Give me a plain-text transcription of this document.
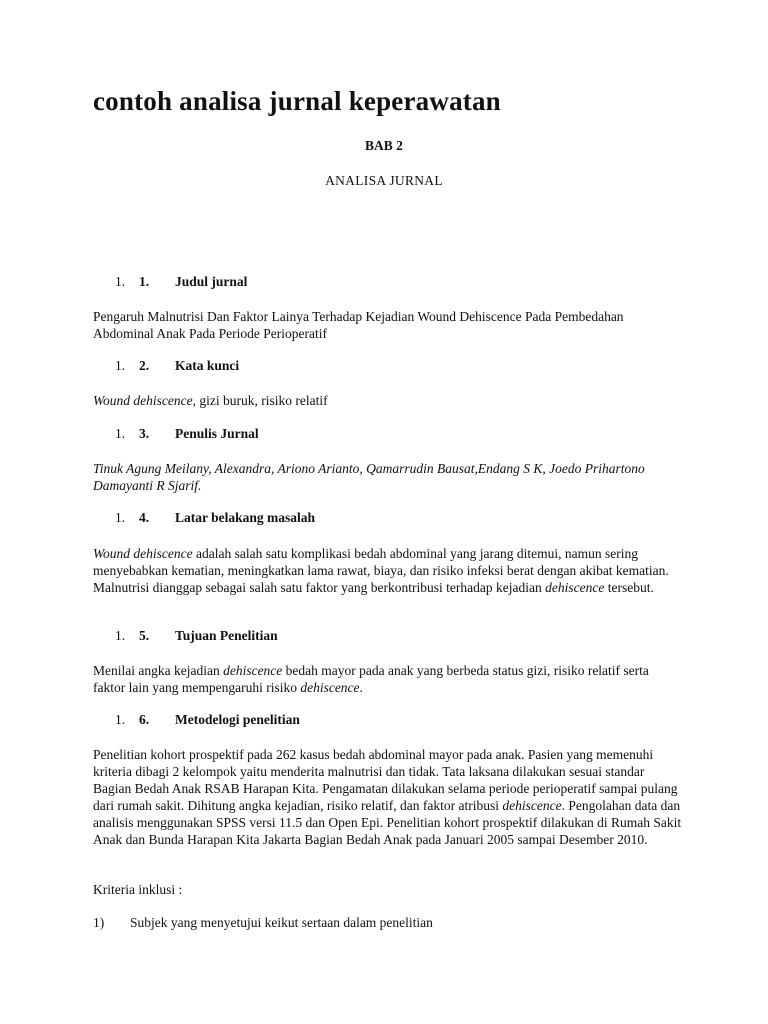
contoh analisa jurnal keperawatan

BAB 2

ANALISA JURNAL

1.	1.	Judul jurnal

Pengaruh Malnutrisi Dan Faktor Lainya Terhadap Kejadian Wound Dehiscence Pada Pembedahan Abdominal Anak Pada Periode Perioperatif

1.	2.	Kata kunci

Wound dehiscence, gizi buruk, risiko relatif

1.	3.	Penulis Jurnal

Tinuk Agung Meilany, Alexandra, Ariono Arianto, Qamarrudin Bausat,Endang S K, Joedo Prihartono Damayanti R Sjarif.

1.	4.	Latar belakang masalah

Wound dehiscence adalah salah satu komplikasi bedah abdominal yang jarang ditemui, namun sering menyebabkan kematian, meningkatkan lama rawat, biaya, dan risiko infeksi berat dengan akibat kematian. Malnutrisi dianggap sebagai salah satu faktor yang berkontribusi terhadap kejadian dehiscence tersebut.

1.	5.	Tujuan Penelitian

Menilai angka kejadian dehiscence bedah mayor pada anak yang berbeda status gizi, risiko relatif serta faktor lain yang mempengaruhi risiko dehiscence.

1.	6.	Metodelogi penelitian

Penelitian kohort prospektif pada 262 kasus bedah abdominal mayor pada anak. Pasien yang memenuhi kriteria dibagi 2 kelompok yaitu menderita malnutrisi dan tidak. Tata laksana dilakukan sesuai standar Bagian Bedah Anak RSAB Harapan Kita. Pengamatan dilakukan selama periode perioperatif sampai pulang dari rumah sakit. Dihitung angka kejadian, risiko relatif, dan faktor atribusi dehiscence. Pengolahan data dan analisis menggunakan SPSS versi 11.5 dan Open Epi. Penelitian kohort prospektif dilakukan di Rumah Sakit Anak dan Bunda Harapan Kita Jakarta Bagian Bedah Anak pada Januari 2005 sampai Desember 2010.

Kriteria inklusi :

1)	Subjek yang menyetujui keikut sertaan dalam penelitian
